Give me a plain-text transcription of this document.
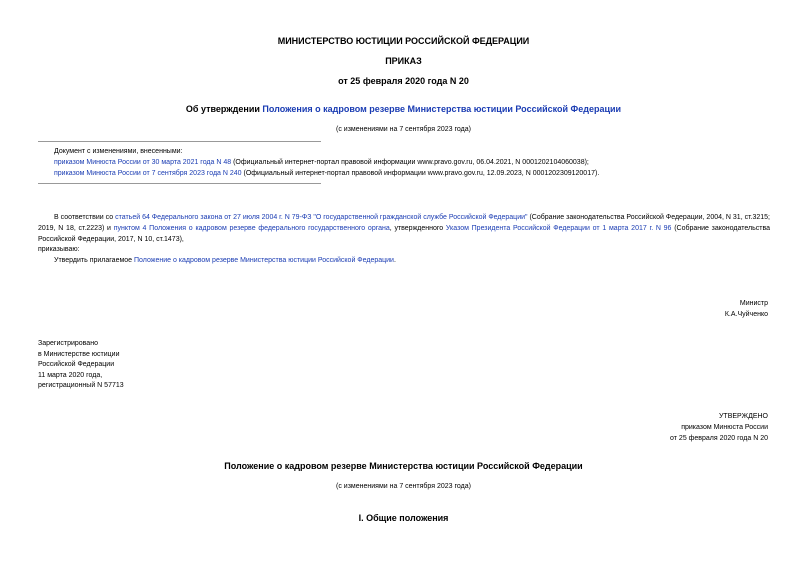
МИНИСТЕРСТВО ЮСТИЦИИ РОССИЙСКОЙ ФЕДЕРАЦИИ
ПРИКАЗ
от 25 февраля 2020 года N 20
Об утверждении Положения о кадровом резерве Министерства юстиции Российской Федерации
(с изменениями на 7 сентября 2023 года)

Документ с изменениями, внесенными:

приказом Минюста России от 30 марта 2021 года N 48 (Официальный интернет-портал правовой информации www.pravo.gov.ru, 06.04.2021, N 0001202104060038);

приказом Минюста России от 7 сентября 2023 года N 240 (Официальный интернет-портал правовой информации www.pravo.gov.ru, 12.09.2023, N 0001202309120017).

В соответствии со статьей 64 Федерального закона от 27 июля 2004 г. N 79-ФЗ "О государственной гражданской службе Российской Федерации" (Собрание законодательства Российской Федерации, 2004, N 31, ст.3215; 2019, N 18, ст.2223) и пунктом 4 Положения о кадровом резерве федерального государственного органа, утвержденного Указом Президента Российской Федерации от 1 марта 2017 г. N 96 (Собрание законодательства Российской Федерации, 2017, N 10, ст.1473),
приказываю:
Утвердить прилагаемое Положение о кадровом резерве Министерства юстиции Российской Федерации.

Министр

К.А.Чуйченко

Зарегистрировано

в Министерстве юстиции

Российской Федерации

11 марта 2020 года,

регистрационный N 57713

УТВЕРЖДЕНО

приказом Минюста России

от 25 февраля 2020 года N 20

Положение о кадровом резерве Министерства юстиции Российской Федерации
(с изменениями на 7 сентября 2023 года)
I. Общие положения
